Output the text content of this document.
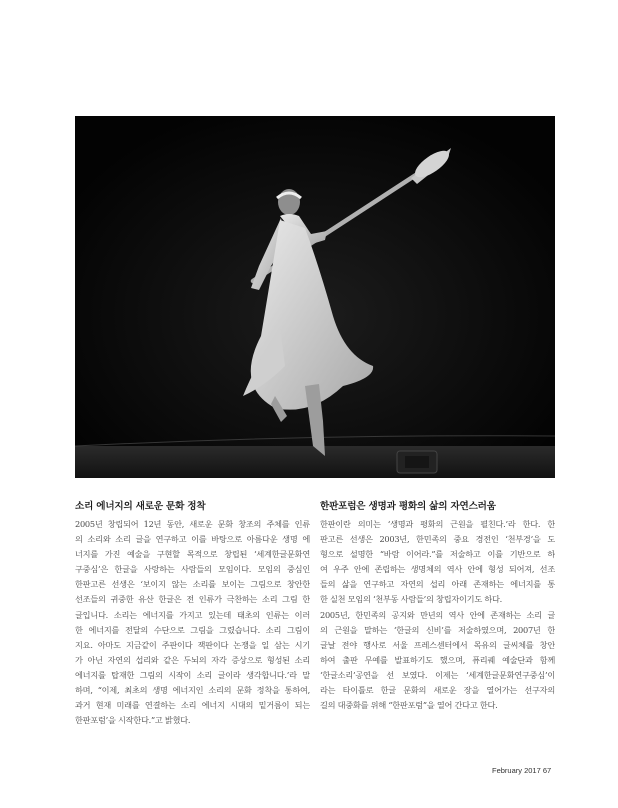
소리 에너지의 새로운 문화 정착
2005년 창립되어 12년 동안, 새로운 문화 창조의 주체를 인류
의 소리와 소리 글을 연구하고 이를 바탕으로 아름다운 생명 에
너지를 가진 예술을 구현할 목적으로 창립된 ‘세계한글문화연
구중심’은 한글을 사랑하는 사람들의 모임이다. 모임의 중심인
한판고른 선생은 ‘보이지 않는 소리를 보이는 그림으로 창안한
선조들의 귀중한 유산 한글은 전 인류가 극찬하는 소리 그림 한
글입니다. 소리는 에너지를 가지고 있는데 태초의 인류는 이러
한 에너지를 전달의 수단으로 그림을 그렸습니다. 소리 그림이
지요. 아마도 지금같이 주판이다 잭판이다 논쟁을 일 삼는 시기
가 아닌 자연의 섭리와 같은 두뇌의 자각 증상으로 형성된 소리
에너지를 탑재한 그림의 시작이 소리 글이라 생각합니다.’라 말
하며, “이제, 최초의 생명 에너지인 소리의 문화 정착을 통하여,
과거 현재 미래를 연결하는 소리 에너지 시대의 밑거름이 되는
한판포럼’을 시작한다.”고 밝혔다.
한판포럼은 생명과 평화의 삶의 자연스러움
한판이란 의미는 ‘생명과 평화의 근원을 펼친다.’라 한다. 한
판고른 선생은 2003년, 한민족의 중요 경전인 ‘천부경’을 도
형으로 설명한 “바람 이어라.”를 저술하고 이를 기반으로 하
여 우주 안에 존립하는 생명체의 역사 안에 형성 되어져, 선조
들의 삶을 연구하고 자연의 섭리 아래 존재하는 에너지를 통
한 실천 모임의 ‘천부동 사람들’의 창립자이기도 하다.
2005년, 한민족의 공지와 만년의 역사 안에 존재하는 소리 글
의 근원을 말하는 ‘한글의 신비’를 저술하였으며, 2007년 한
글날 전야 행사로 서울 프레스센터에서 목유의 글씨체를 창안
하여 출판 무예를 발표하기도 했으며, 퓨리퀘 예술단과 함께
‘한글소리’공연을 선 보였다. 이제는 ‘세계한글문화연구중심’이
라는 타이틀로 한글 문화의 새로운 장을 열어가는 선구자의
길의 대중화를 위해 “한판포럼”을 열어 간다고 한다.
February 2017 67
